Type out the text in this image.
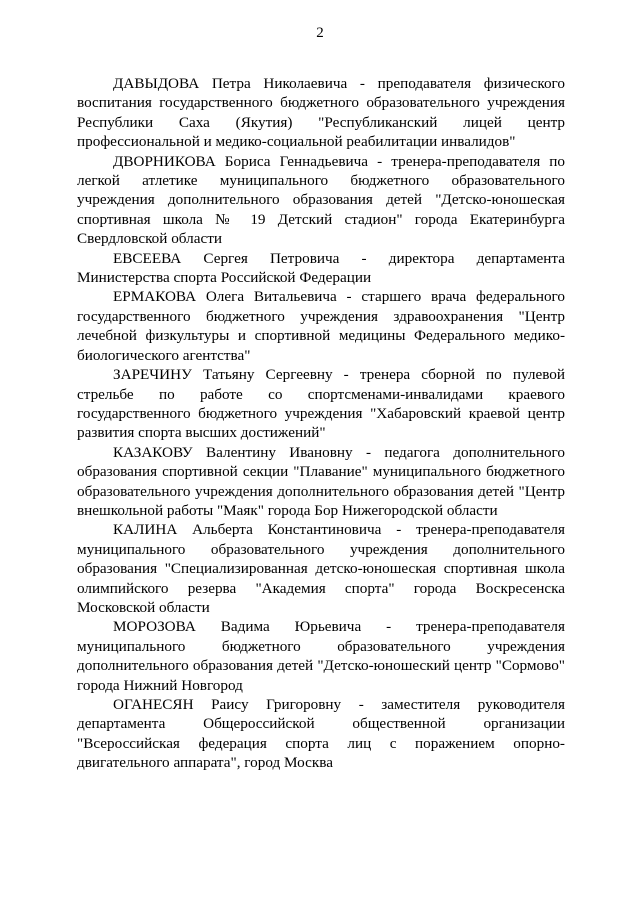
2

ДАВЫДОВА Петра Николаевича - преподавателя физического воспитания государственного бюджетного образовательного учреждения Республики Саха (Якутия) "Республиканский лицей центр профессиональной и медико-социальной реабилитации инвалидов"

ДВОРНИКОВА Бориса Геннадьевича - тренера-преподавателя по легкой атлетике муниципального бюджетного образовательного учреждения дополнительного образования детей "Детско-юношеская спортивная школа № 19 Детский стадион" города Екатеринбурга Свердловской области

ЕВСЕЕВА Сергея Петровича - директора департамента Министерства спорта Российской Федерации

ЕРМАКОВА Олега Витальевича - старшего врача федерального государственного бюджетного учреждения здравоохранения "Центр лечебной физкультуры и спортивной медицины Федерального медико-биологического агентства"

ЗАРЕЧИНУ Татьяну Сергеевну - тренера сборной по пулевой стрельбе по работе со спортсменами-инвалидами краевого государственного бюджетного учреждения "Хабаровский краевой центр развития спорта высших достижений"

КАЗАКОВУ Валентину Ивановну - педагога дополнительного образования спортивной секции "Плавание" муниципального бюджетного образовательного учреждения дополнительного образования детей "Центр внешкольной работы "Маяк" города Бор Нижегородской области

КАЛИНА Альберта Константиновича - тренера-преподавателя муниципального образовательного учреждения дополнительного образования "Специализированная детско-юношеская спортивная школа олимпийского резерва "Академия спорта" города Воскресенска Московской области

МОРОЗОВА Вадима Юрьевича - тренера-преподавателя муниципального бюджетного образовательного учреждения дополнительного образования детей "Детско-юношеский центр "Сормово" города Нижний Новгород

ОГАНЕСЯН Раису Григоровну - заместителя руководителя департамента Общероссийской общественной организации "Всероссийская федерация спорта лиц с поражением опорно-двигательного аппарата", город Москва
